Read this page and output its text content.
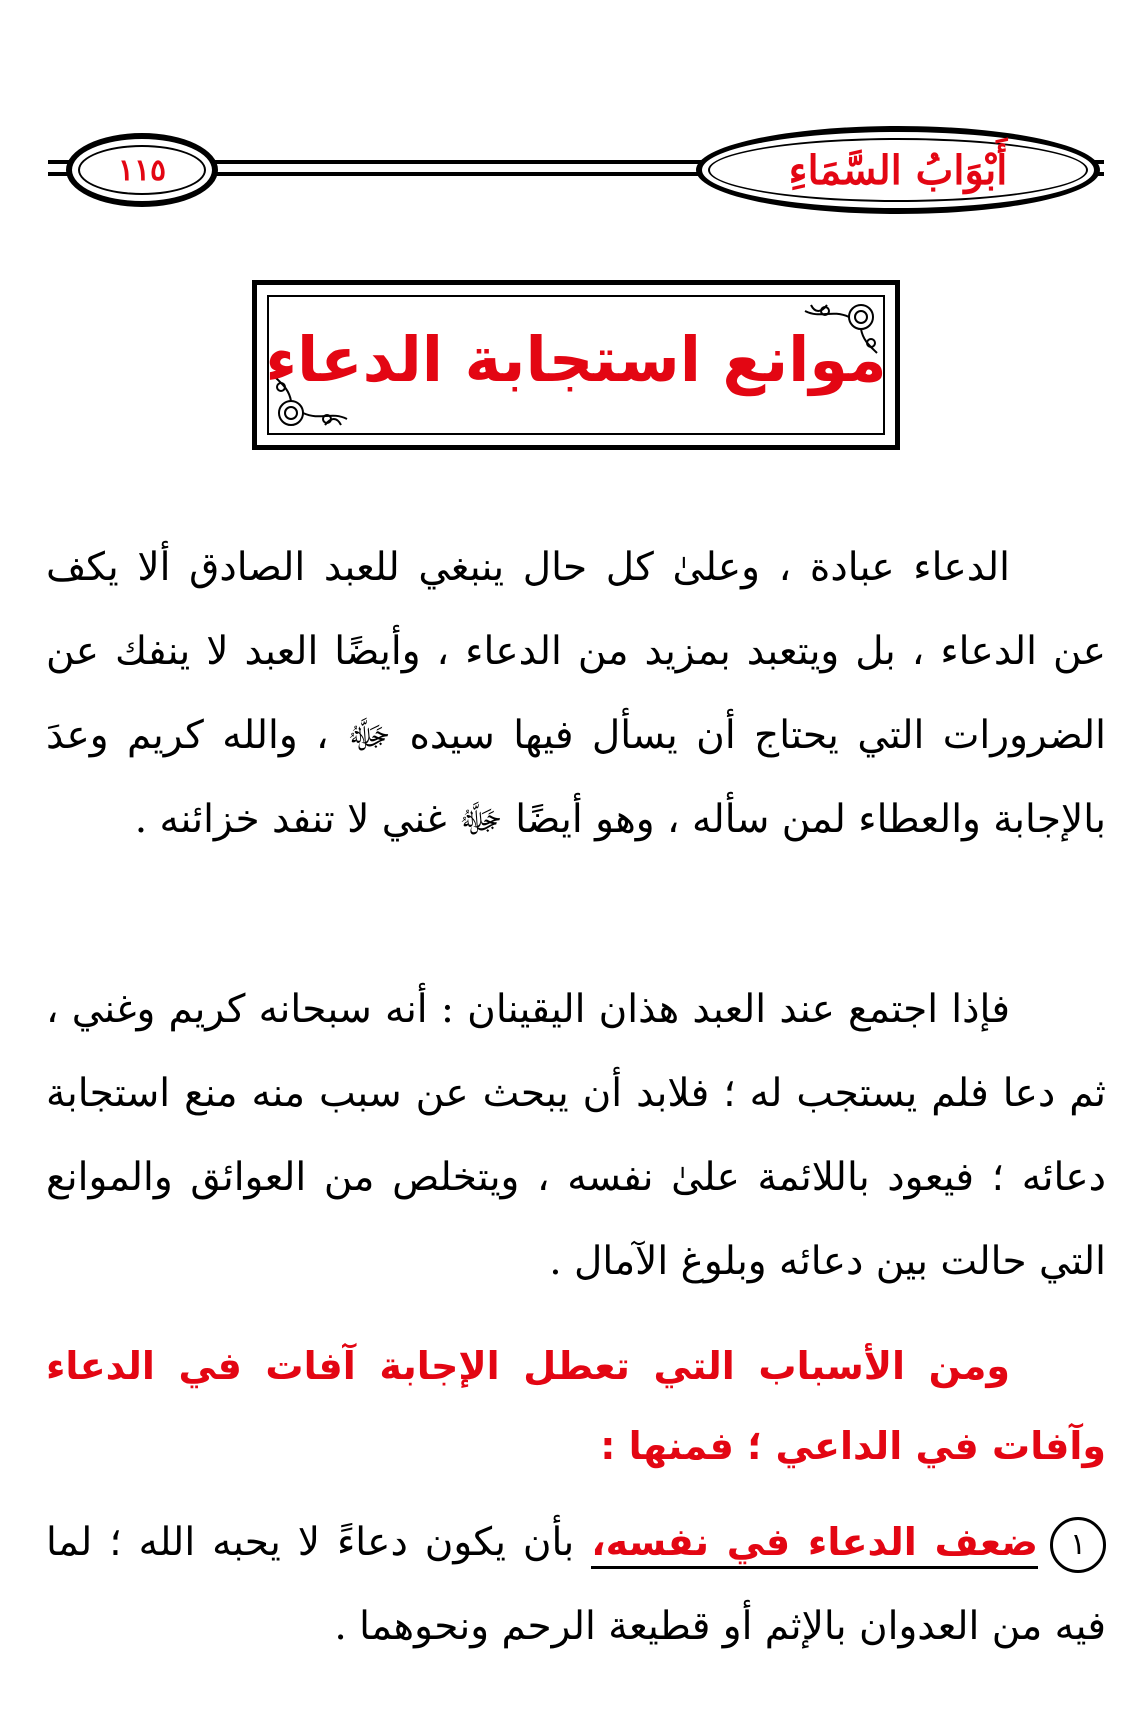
١١٥	أَبْوَابُ السَّمَاءِ
موانع استجابة الدعاء

الدعاء عبادة ، وعلىٰ كل حال ينبغي للعبد الصادق ألا يكف عن الدعاء ، بل ويتعبد بمزيد من الدعاء ، وأيضًا العبد لا ينفك عن الضرورات التي يحتاج أن يسأل فيها سيده ﷻ ، والله كريم وعدَ بالإجابة والعطاء لمن سأله ، وهو أيضًا ﷻ غني لا تنفد خزائنه .

فإذا اجتمع عند العبد هذان اليقينان : أنه سبحانه كريم وغني ، ثم دعا فلم يستجب له ؛ فلابد أن يبحث عن سبب منه منع استجابة دعائه ؛ فيعود باللائمة علىٰ نفسه ، ويتخلص من العوائق والموانع التي حالت بين دعائه وبلوغ الآمال .

ومن الأسباب التي تعطل الإجابة آفات في الدعاء وآفات في الداعي ؛ فمنها :

١ضعف الدعاء في نفسه، بأن يكون دعاءً لا يحبه الله ؛ لما فيه من العدوان بالإثم أو قطيعة الرحم ونحوهما .
